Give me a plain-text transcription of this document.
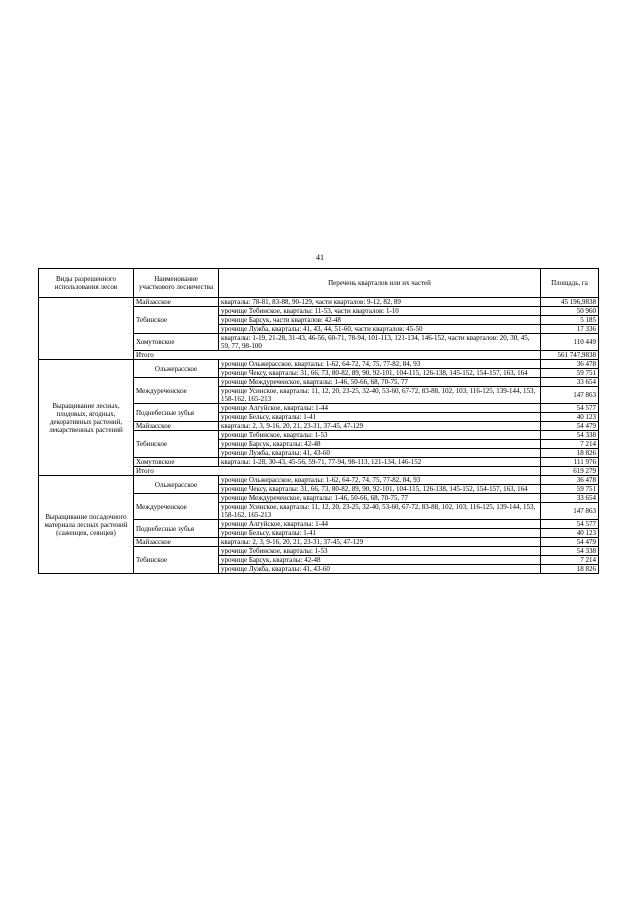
41
Виды разрешенного использования лесов	Наименование участкового лесничества	Перечень кварталов или их частей	Площадь, га
	Майзасское	кварталы: 78-81, 83-88, 90-129, части кварталов: 9-12, 82, 89	45 196,9838
	Тебинское	урочище Тебинское, кварталы: 11-53, части кварталов: 1-10	50 960
		урочище Барсук, части кварталов: 42-48	5 185
		урочище Лужба, кварталы: 41, 43, 44, 51-60, части кварталов: 45-50	17 336
	Хомутовское	кварталы: 1-19, 21-28, 31-43, 46-56, 60-71, 78-94, 101-113, 121-134, 146-152, части кварталов: 20, 30, 45, 59, 77, 98-100	110 449
	Итого		561 747,9838
Выращивание лесных, плодовых, ягодных, декоративных растений, лекарственных растений	Ольжерасское	урочище Ольжерасское, кварталы: 1-62, 64-72, 74, 75, 77-82, 84, 93	36 478
		урочище Чексу, кварталы: 31, 66, 73, 80-82, 89, 90, 92-101, 104-115, 126-138, 145-152, 154-157, 163, 164	59 751
	Междуреченское	урочище Междуреченское, кварталы: 1-46, 50-66, 68, 70-75, 77	33 654
		урочище Усинское, кварталы: 11, 12, 20, 23-25, 32-40, 53-60, 67-72, 83-88, 102, 103, 116-125, 139-144, 153, 158-162, 165-213	147 863
	Поднебесные зубья	урочище Алгуйское, кварталы: 1-44	54 577
		урочище Бельсу, кварталы: 1-41	40 123
	Майзасское	кварталы: 2, 3, 9-16, 20, 21, 23-31, 37-45, 47-129	54 479
	Тебинское	урочище Тебинское, кварталы: 1-53	54 338
		урочище Барсук, кварталы: 42-48	7 214
		урочище Лужба, кварталы: 41, 43-60	18 826
	Хомутовское	кварталы: 1-28, 30-43, 45-56, 59-71, 77-94, 98-113, 121-134, 146-152	111 976
	Итого		619 279
Выращивание посадочного материала лесных растений (саженцев, сеянцев)	Ольжерасское	урочище Ольжерасское, кварталы: 1-62, 64-72, 74, 75, 77-82, 84, 93	36 478
		урочище Чексу, кварталы: 31, 66, 73, 80-82, 89, 90, 92-101, 104-115, 126-138, 145-152, 154-157, 163, 164	59 751
	Междуреченское	урочище Междуреченское, кварталы: 1-46, 50-66, 68, 70-75, 77	33 654
		урочище Усинское, кварталы: 11, 12, 20, 23-25, 32-40, 53-60, 67-72, 83-88, 102, 103, 116-125, 139-144, 153, 158-162, 165-213	147 863
	Поднебесные зубья	урочище Алгуйское, кварталы: 1-44	54 577
		урочище Бельсу, кварталы: 1-41	40 123
	Майзасское	кварталы: 2, 3, 9-16, 20, 21, 23-31, 37-45, 47-129	54 479
	Тебинское	урочище Тебинское, кварталы: 1-53	54 338
		урочище Барсук, кварталы: 42-48	7 214
		урочище Лужба, кварталы: 41, 43-60	18 826
